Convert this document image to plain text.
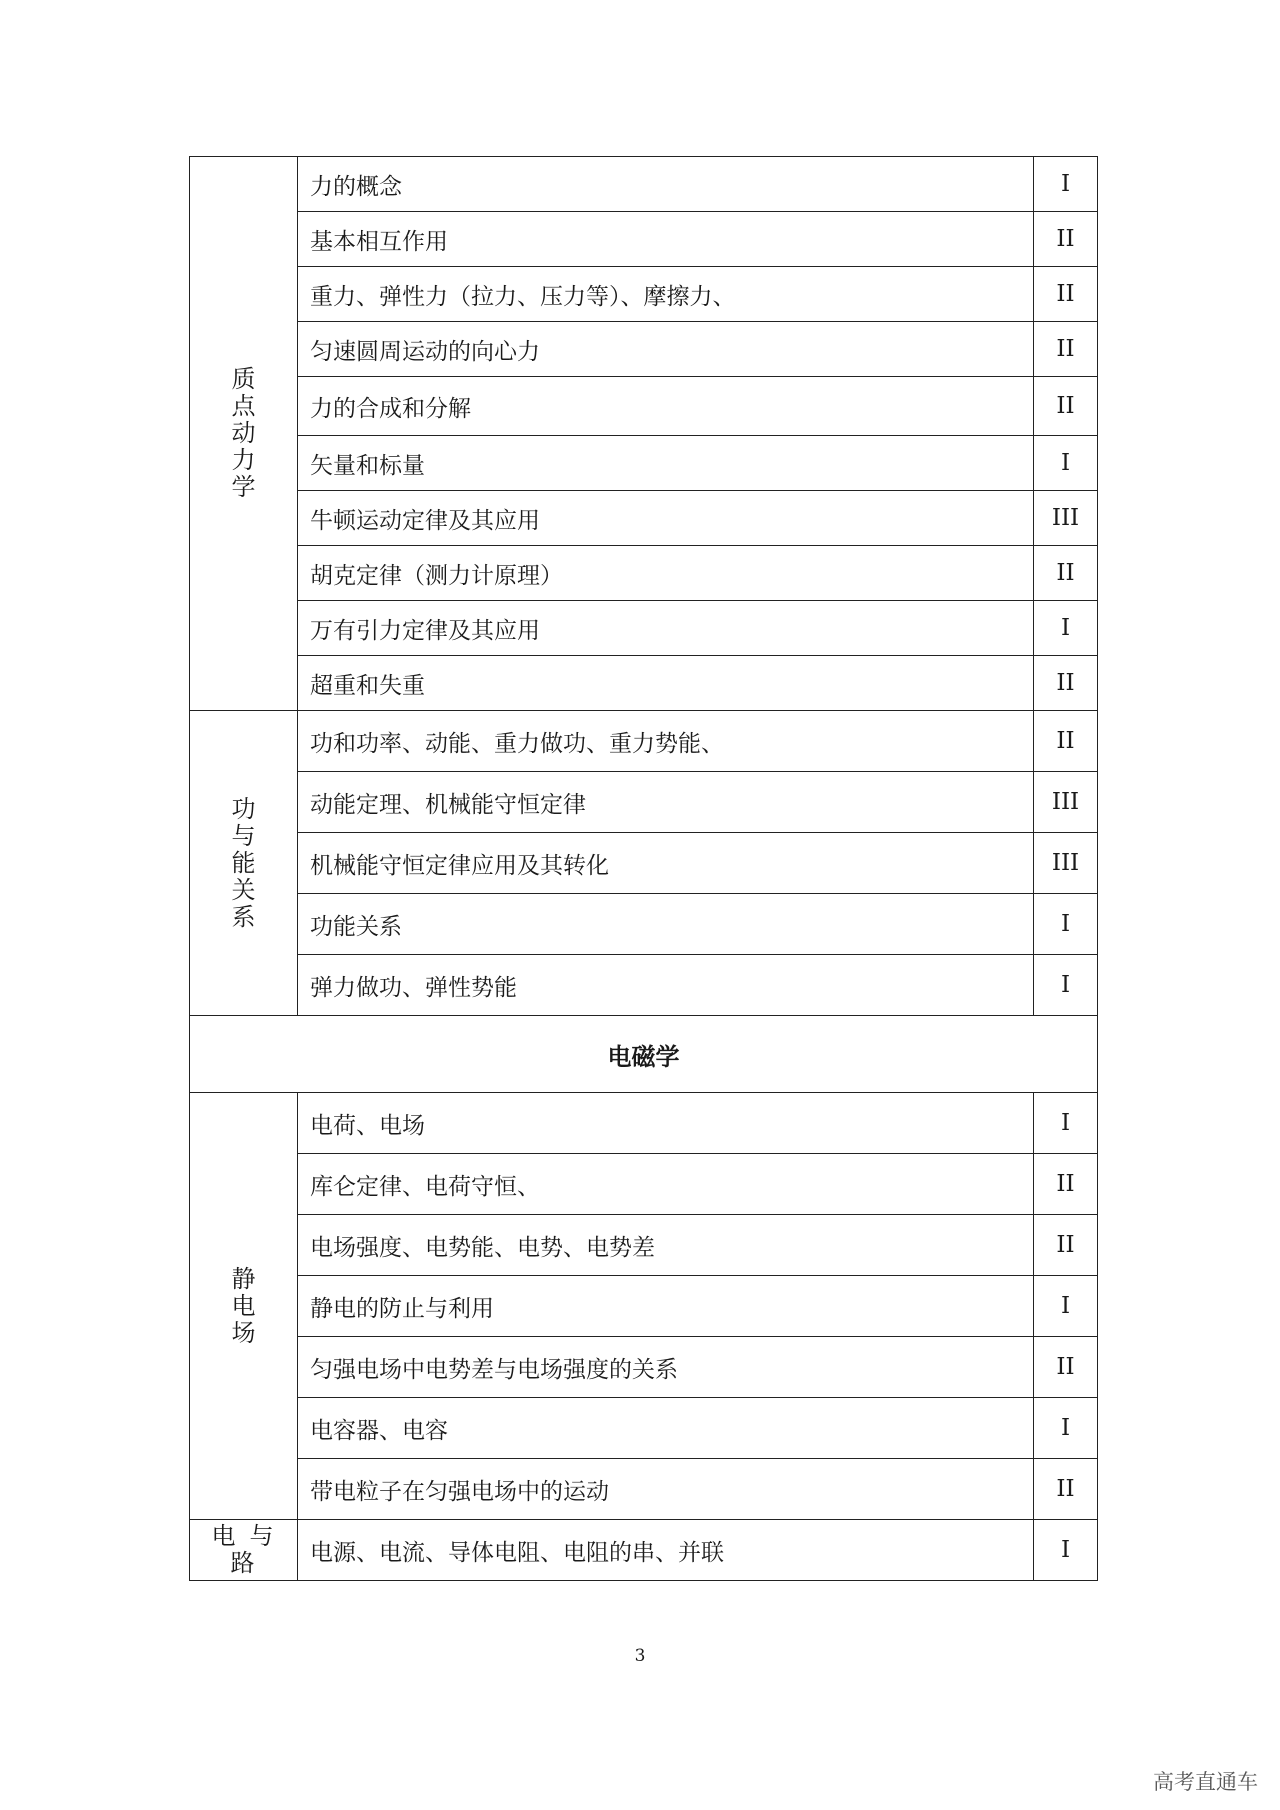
质点动力学	力的概念	I
	基本相互作用	II
	重力、弹性力（拉力、压力等）、摩擦力、	II
	匀速圆周运动的向心力	II
	力的合成和分解	II
	矢量和标量	I
	牛顿运动定律及其应用	III
	胡克定律（测力计原理）	II
	万有引力定律及其应用	I
	超重和失重	II
功与能关系	功和功率、动能、重力做功、重力势能、	II
	动能定理、机械能守恒定律	III
	机械能守恒定律应用及其转化	III
	功能关系	I
	弹力做功、弹性势能	I
电磁学		
静电场	电荷、电场	I
	库仑定律、电荷守恒、	II
	电场强度、电势能、电势、电势差	II
	静电的防止与利用	I
	匀强电场中电势差与电场强度的关系	II
	电容器、电容	I
	带电粒子在匀强电场中的运动	II
电与路	电源、电流、导体电阻、电阻的串、并联	I
3
高考直通车
